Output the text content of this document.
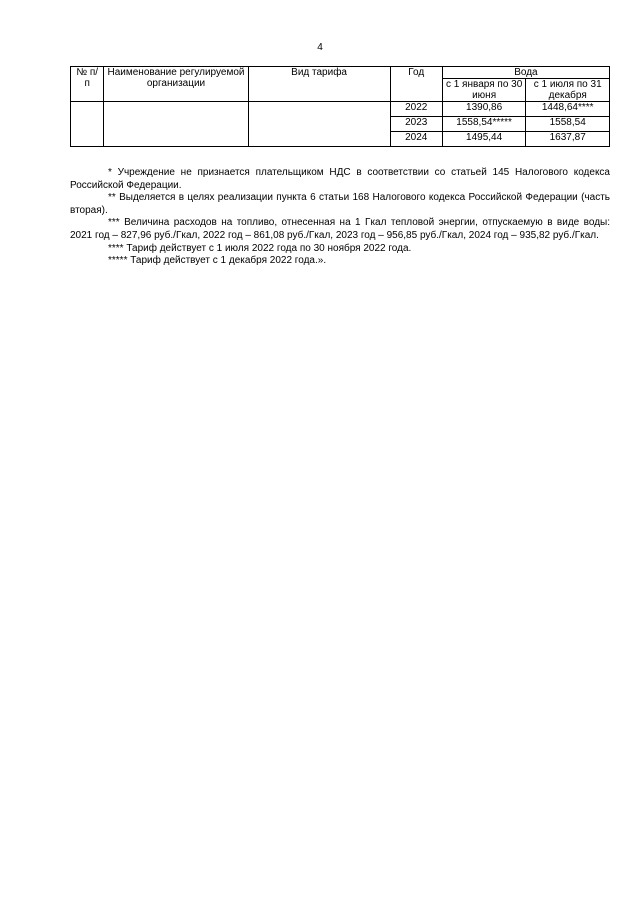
4
№ п/п	Наименование регулируемой организации	Вид тарифа	Год	Вода	
				с 1 января по 30 июня	с 1 июля по 31 декабря
			2022	1390,86	1448,64****
			2023	1558,54*****	1558,54
			2024	1495,44	1637,87

* Учреждение не признается плательщиком НДС в соответствии со статьей 145 Налогового кодекса Российской Федерации.

** Выделяется в целях реализации пункта 6 статьи 168 Налогового кодекса Российской Федерации (часть вторая).

*** Величина расходов на топливо, отнесенная на 1 Гкал тепловой энергии, отпускаемую в виде воды: 2021 год – 827,96 руб./Гкал, 2022 год – 861,08 руб./Гкал, 2023 год – 956,85 руб./Гкал, 2024 год – 935,82 руб./Гкал.

**** Тариф действует с 1 июля 2022 года по 30 ноября 2022 года.

***** Тариф действует с 1 декабря 2022 года.».
